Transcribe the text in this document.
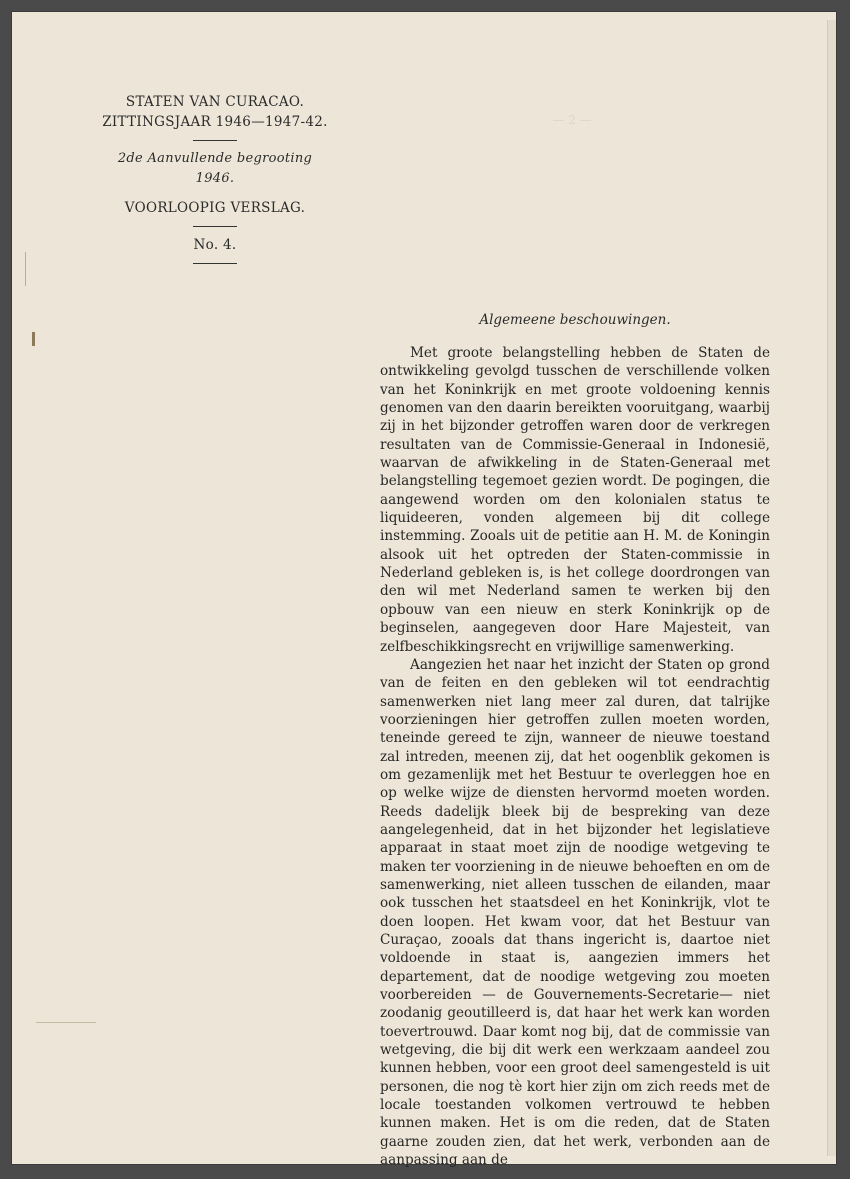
— 2 —
STATEN VAN CURACAO.
ZITTINGSJAAR 1946—1947-42.
2de Aanvullende begrooting 1946.
VOORLOOPIG VERSLAG.
No. 4.
Algemeene beschouwingen.

Met groote belangstelling hebben de Staten de ontwikkeling gevolgd tusschen de verschillende volken van het Koninkrijk en met groote voldoening kennis genomen van den daarin bereikten vooruitgang, waarbij zij in het bijzonder getroffen waren door de verkregen resultaten van de Commissie-Generaal in Indonesië, waarvan de afwikkeling in de Staten-Generaal met belangstelling tegemoet gezien wordt. De pogingen, die aangewend worden om den kolonialen status te liquideeren, vonden algemeen bij dit college instemming. Zooals uit de petitie aan H. M. de Koningin alsook uit het optreden der Staten-commissie in Nederland gebleken is, is het college doordrongen van den wil met Nederland samen te werken bij den opbouw van een nieuw en sterk Koninkrijk op de beginselen, aangegeven door Hare Majesteit, van zelfbeschikkingsrecht en vrijwillige samenwerking.

Aangezien het naar het inzicht der Staten op grond van de feiten en den gebleken wil tot eendrachtig samenwerken niet lang meer zal duren, dat talrijke voorzieningen hier getroffen zullen moeten worden, teneinde gereed te zijn, wanneer de nieuwe toestand zal intreden, meenen zij, dat het oogenblik gekomen is om gezamenlijk met het Bestuur te overleggen hoe en op welke wijze de diensten hervormd moeten worden. Reeds dadelijk bleek bij de bespreking van deze aangelegenheid, dat in het bijzonder het legislatieve apparaat in staat moet zijn de noodige wetgeving te maken ter voorziening in de nieuwe behoeften en om de samenwerking, niet alleen tusschen de eilanden, maar ook tusschen het staatsdeel en het Koninkrijk, vlot te doen loopen. Het kwam voor, dat het Bestuur van Curaçao, zooals dat thans ingericht is, daartoe niet voldoende in staat is, aangezien immers het departement, dat de noodige wetgeving zou moeten voorbereiden — de Gouvernements-Secretarie— niet zoodanig geoutilleerd is, dat haar het werk kan worden toevertrouwd. Daar komt nog bij, dat de commissie van wetgeving, die bij dit werk een werkzaam aandeel zou kunnen hebben, voor een groot deel samengesteld is uit personen, die nog tè kort hier zijn om zich reeds met de locale toestanden volkomen vertrouwd te hebben kunnen maken. Het is om die reden, dat de Staten gaarne zouden zien, dat het werk, verbonden aan de aanpassing aan de
